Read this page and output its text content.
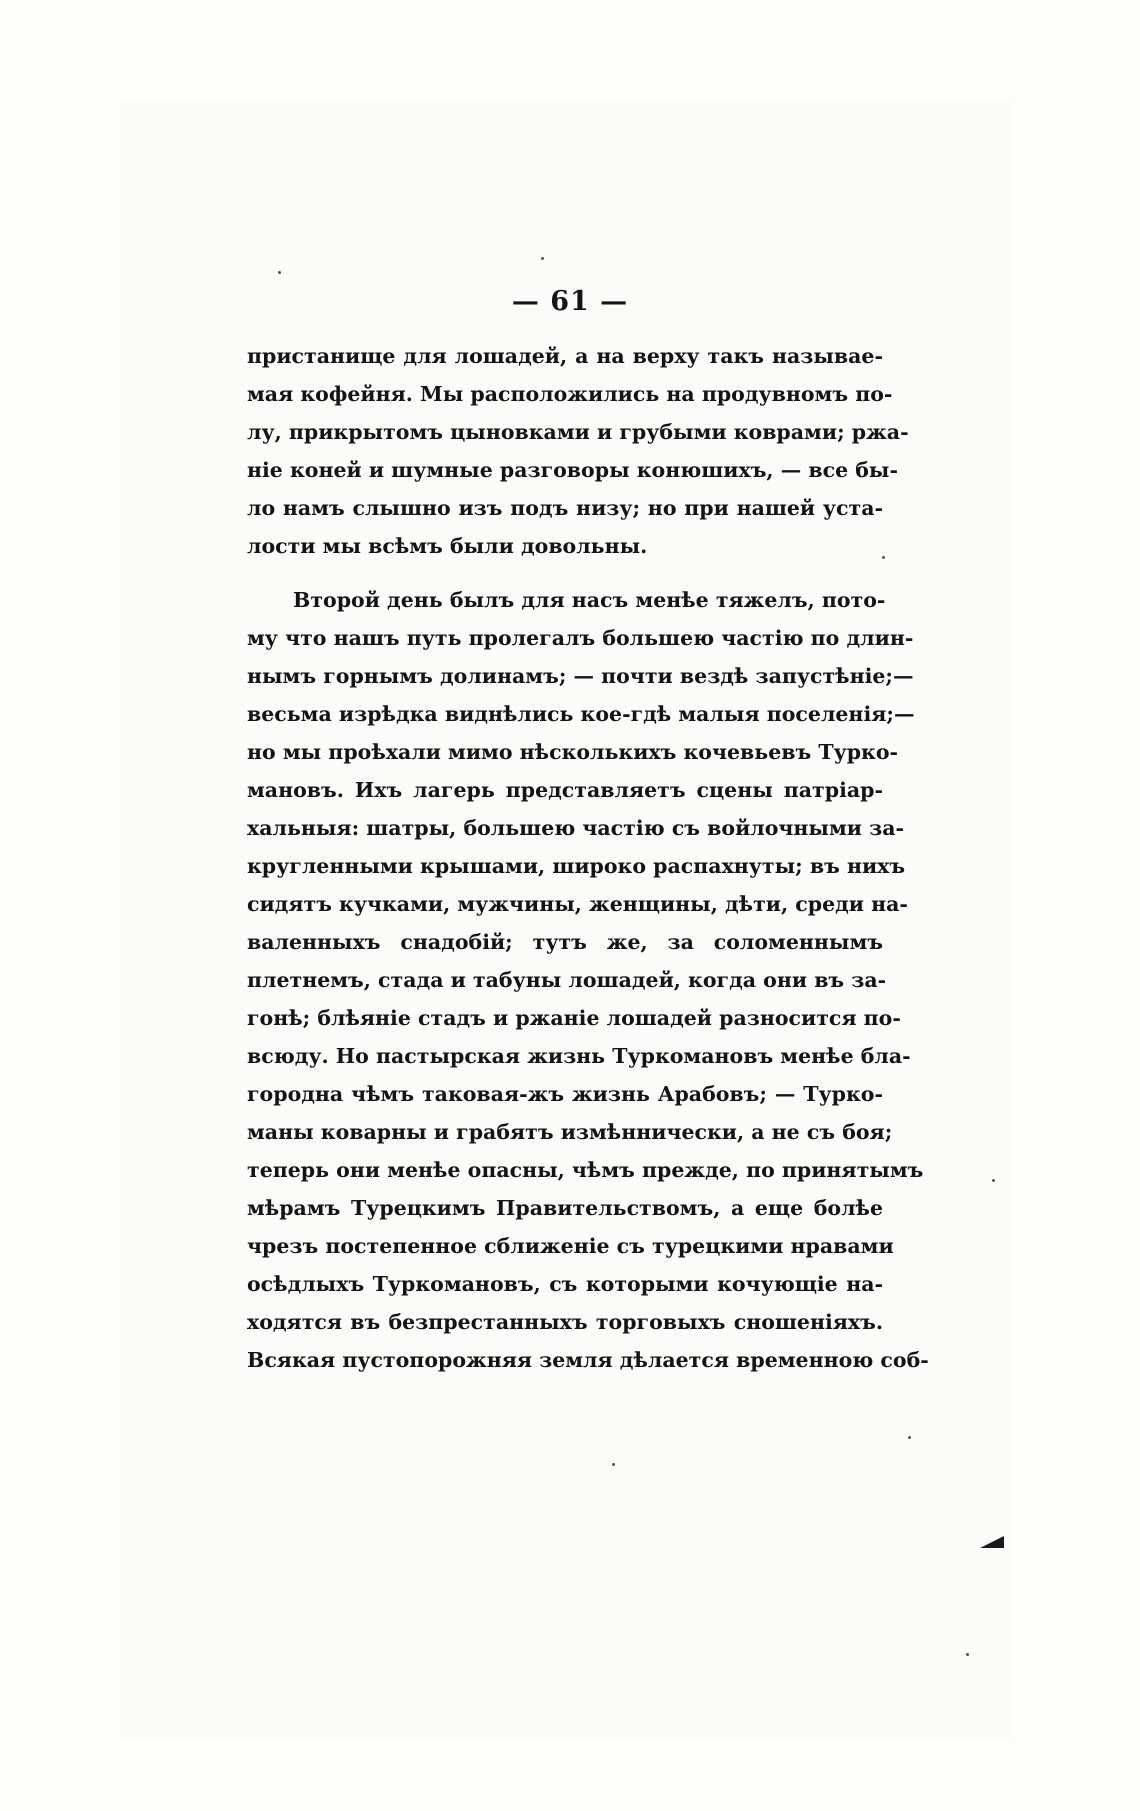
— 61 —
пристанище для лошадей, а на верху такъ называе-
мая кофейня. Мы расположились на продувномъ по-
лу, прикрытомъ цыновками и грубыми коврами; ржа-
ніе коней и шумные разговоры конюшихъ, — все бы-
ло намъ слышно изъ подъ низу; но при нашей уста-
лости мы всѣмъ были довольны.
Второй день былъ для насъ менѣе тяжелъ, пото-
му что нашъ путь пролегалъ большею частію по длин-
нымъ горнымъ долинамъ; — почти вездѣ запустѣніе;—
весьма изрѣдка виднѣлись кое-гдѣ малыя поселенія;—
но мы проѣхали мимо нѣсколькихъ кочевьевъ Турко-
мановъ. Ихъ лагерь представляетъ сцены патріар-
хальныя: шатры, большею частію съ войлочными за-
кругленными крышами, широко распахнуты; въ нихъ
сидятъ кучками, мужчины, женщины, дѣти, среди на-
валенныхъ снадобій; тутъ же, за соломеннымъ
плетнемъ, стада и табуны лошадей, когда они въ за-
гонѣ; блѣяніе стадъ и ржаніе лошадей разносится по-
всюду. Но пастырская жизнь Туркомановъ менѣе бла-
городна чѣмъ таковая-жъ жизнь Арабовъ; — Турко-
маны коварны и грабятъ измѣннически, а не съ боя;
теперь они менѣе опасны, чѣмъ прежде, по принятымъ
мѣрамъ Турецкимъ Правительствомъ, а еще болѣе
чрезъ постепенное сближеніе съ турецкими нравами
осѣдлыхъ Туркомановъ, съ которыми кочующіе на-
ходятся въ безпрестанныхъ торговыхъ сношеніяхъ.
Всякая пустопорожняя земля дѣлается временною соб-
